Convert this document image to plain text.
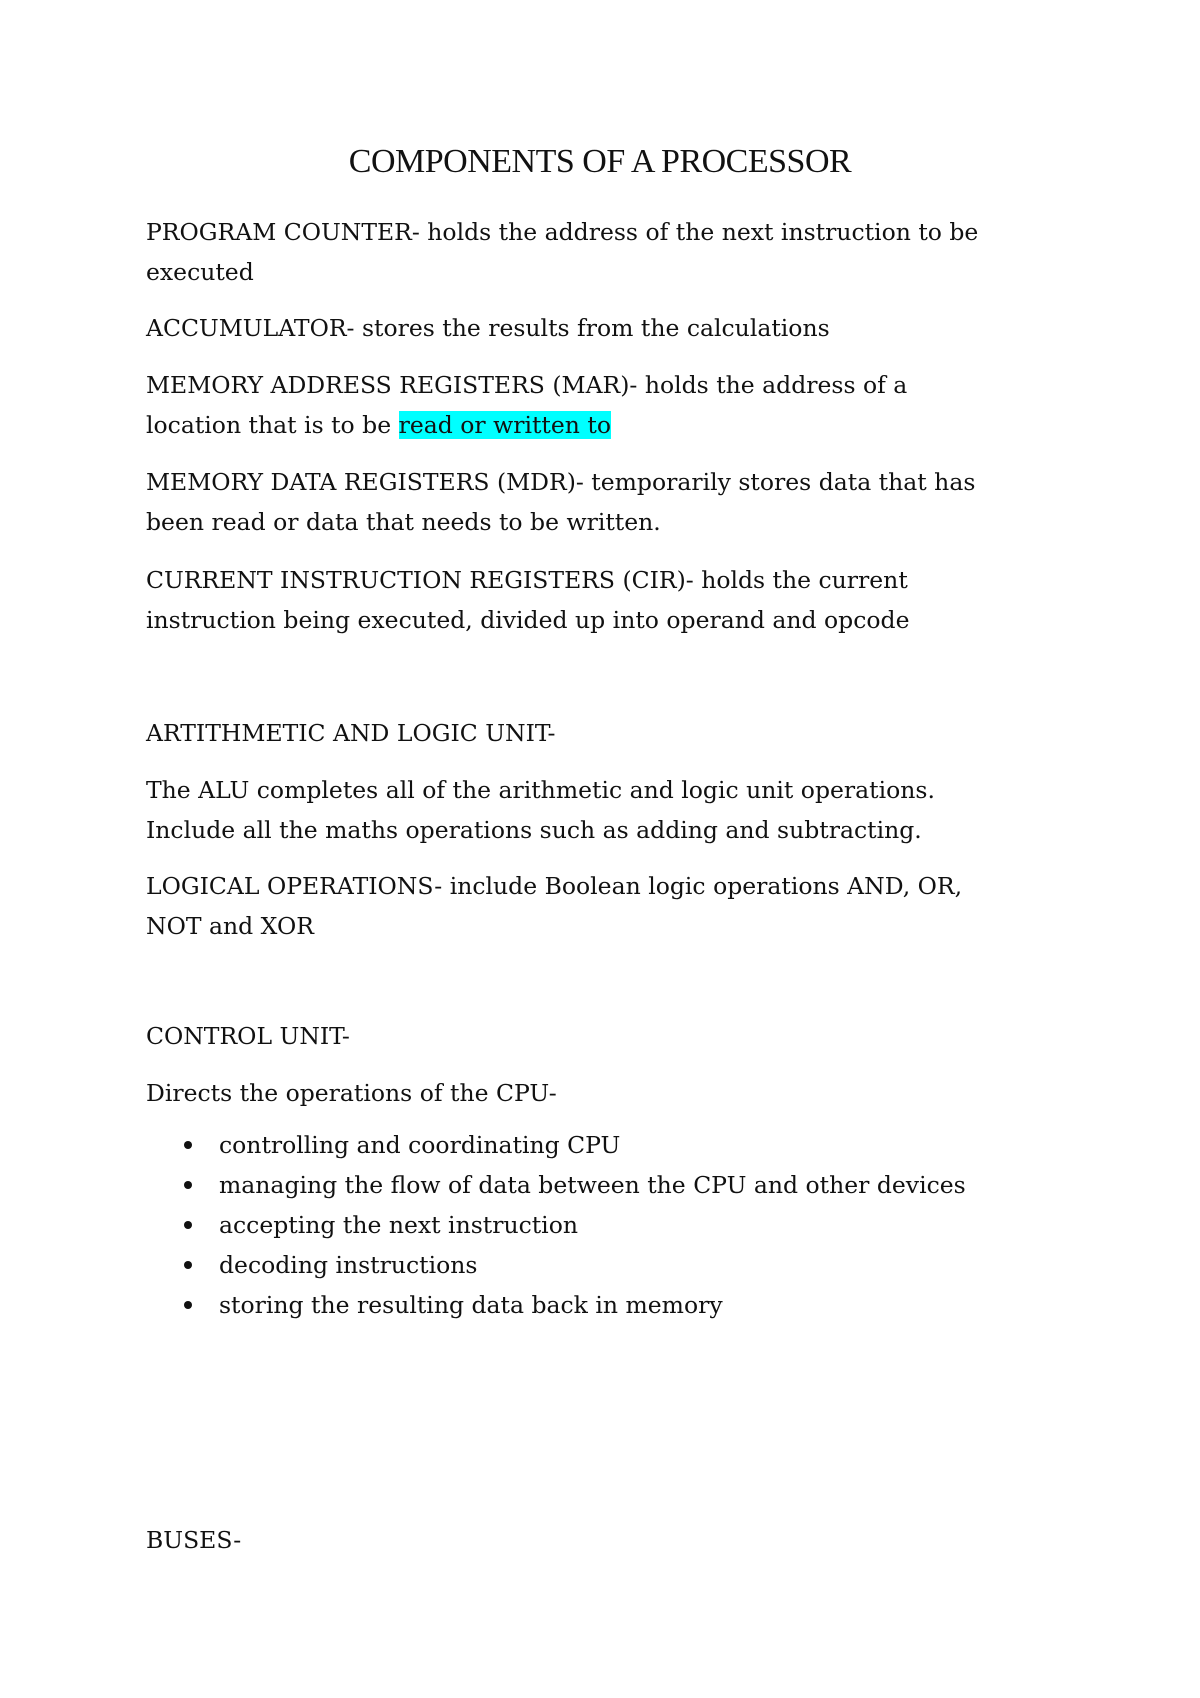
COMPONENTS OF A PROCESSOR

PROGRAM COUNTER- holds the address of the next instruction to be
executed

ACCUMULATOR- stores the results from the calculations

MEMORY ADDRESS REGISTERS (MAR)- holds the address of a
location that is to be read or written to

MEMORY DATA REGISTERS (MDR)- temporarily stores data that has
been read or data that needs to be written.

CURRENT INSTRUCTION REGISTERS (CIR)- holds the current
instruction being executed, divided up into operand and opcode

ARTITHMETIC AND LOGIC UNIT-

The ALU completes all of the arithmetic and logic unit operations.
Include all the maths operations such as adding and subtracting.

LOGICAL OPERATIONS- include Boolean logic operations AND, OR,
NOT and XOR

CONTROL UNIT-

Directs the operations of the CPU-

controlling and coordinating CPU
managing the flow of data between the CPU and other devices
accepting the next instruction
decoding instructions
storing the resulting data back in memory

BUSES-
